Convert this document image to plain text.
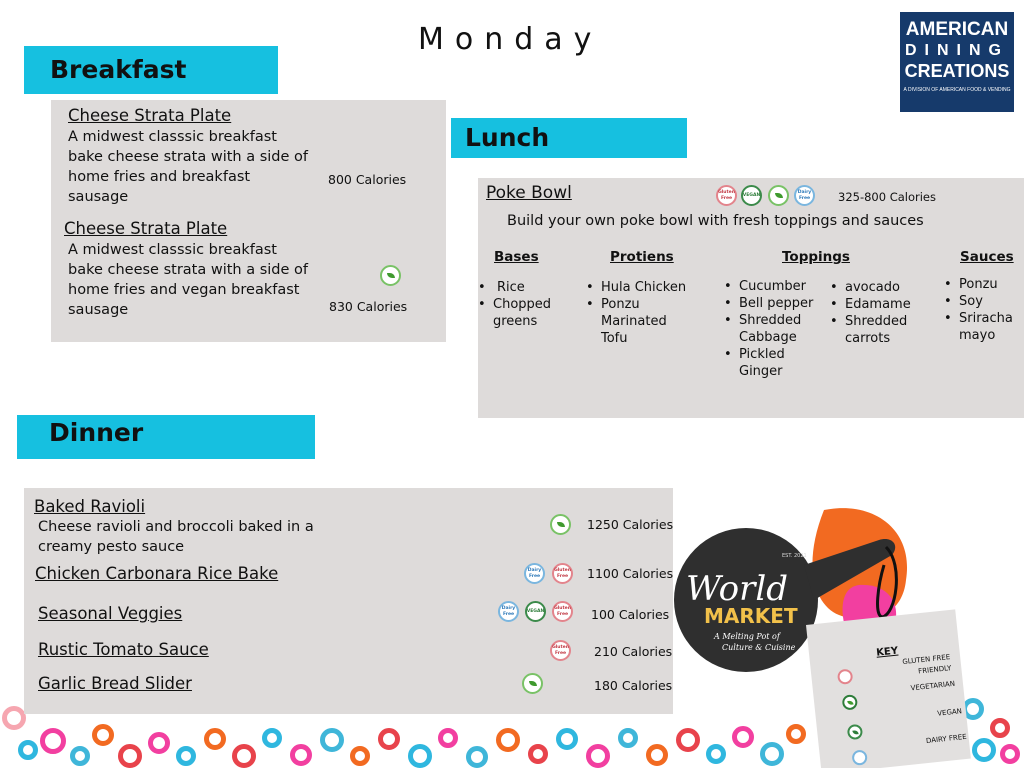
Monday	AMERICAN
DINING
CREATIONS
A DIVISION OF AMERICAN FOOD & VENDING
Breakfast
Cheese Strata Plate
A midwest classsic breakfast bake cheese strata with a side of home fries and breakfast sausage
800 Calories
Cheese Strata Plate
A midwest classsic breakfast bake cheese strata with a side of home fries and vegan breakfast sausage	830 Calories
Lunch
Poke Bowl	Gluten Free
VEGAN
Dairy Free	325-800 Calories
Build your own poke bowl with fresh toppings and sauces
Bases
• Rice
• Chopped greens
Protiens
• Hula Chicken
• Ponzu Marinated Tofu
Toppings
• Cucumber
• Bell pepper
• Shredded Cabbage
• Pickled Ginger
• avocado
• Edamame
• Shredded carrots
Sauces
• Ponzu
• Soy
• Sriracha mayo
Dinner
Baked Ravioli
Cheese ravioli and broccoli baked in a creamy pesto sauce
1250 Calories
Chicken Carbonara Rice Bake	Dairy Free
Gluten Free	1100 Calories
Seasonal Veggies	Dairy Free
VEGAN
Gluten Free	100 Calories
Rustic Tomato Sauce	Gluten Free	210 Calories
Garlic Bread Slider	180 Calories
EST. 2021
World
MARKET
A Melting Pot of
Culture & Cuisine	KEY
GLUTEN FREE FRIENDLY
VEGETARIAN
VEGAN
DAIRY FREE
